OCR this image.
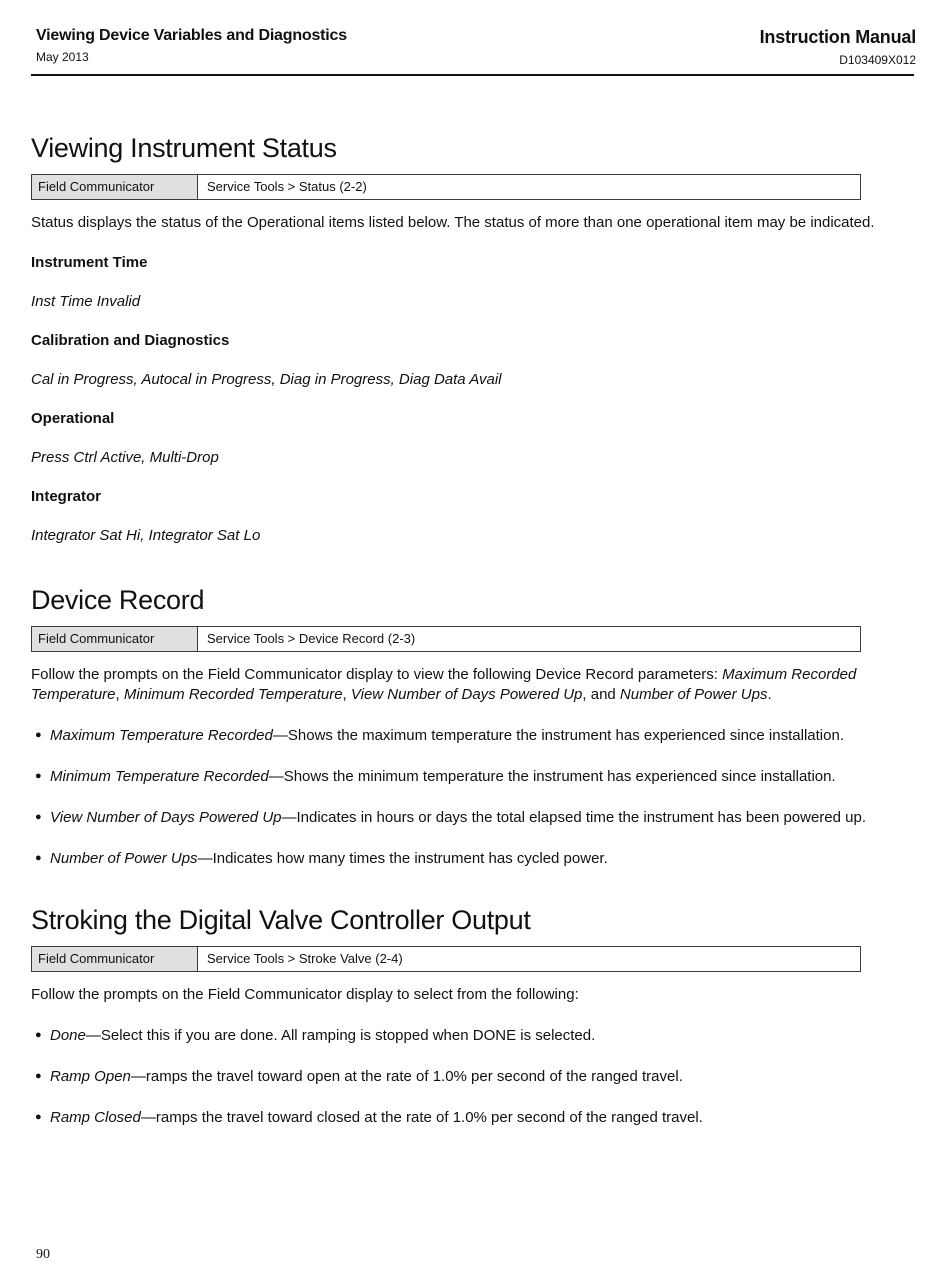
Viewing Device Variables and Diagnostics
May 2013
Instruction Manual
D103409X012
Viewing Instrument Status
Field Communicator	Service Tools > Status (2-2)

Status displays the status of the Operational items listed below. The status of more than one operational item may be indicated.

Instrument Time
Inst Time Invalid
Calibration and Diagnostics
Cal in Progress, Autocal in Progress, Diag in Progress, Diag Data Avail
Operational
Press Ctrl Active, Multi-Drop
Integrator
Integrator Sat Hi, Integrator Sat Lo
Device Record
Field Communicator	Service Tools > Device Record (2-3)

Follow the prompts on the Field Communicator display to view the following Device Record parameters: Maximum Recorded Temperature, Minimum Recorded Temperature, View Number of Days Powered Up, and Number of Power Ups.

● Maximum Temperature Recorded—Shows the maximum temperature the instrument has experienced since installation.
● Minimum Temperature Recorded—Shows the minimum temperature the instrument has experienced since installation.
● View Number of Days Powered Up—Indicates in hours or days the total elapsed time the instrument has been powered up.
● Number of Power Ups—Indicates how many times the instrument has cycled power.
Stroking the Digital Valve Controller Output
Field Communicator	Service Tools > Stroke Valve (2-4)

Follow the prompts on the Field Communicator display to select from the following:

● Done—Select this if you are done. All ramping is stopped when DONE is selected.
● Ramp Open—ramps the travel toward open at the rate of 1.0% per second of the ranged travel.
● Ramp Closed—ramps the travel toward closed at the rate of 1.0% per second of the ranged travel.
90
